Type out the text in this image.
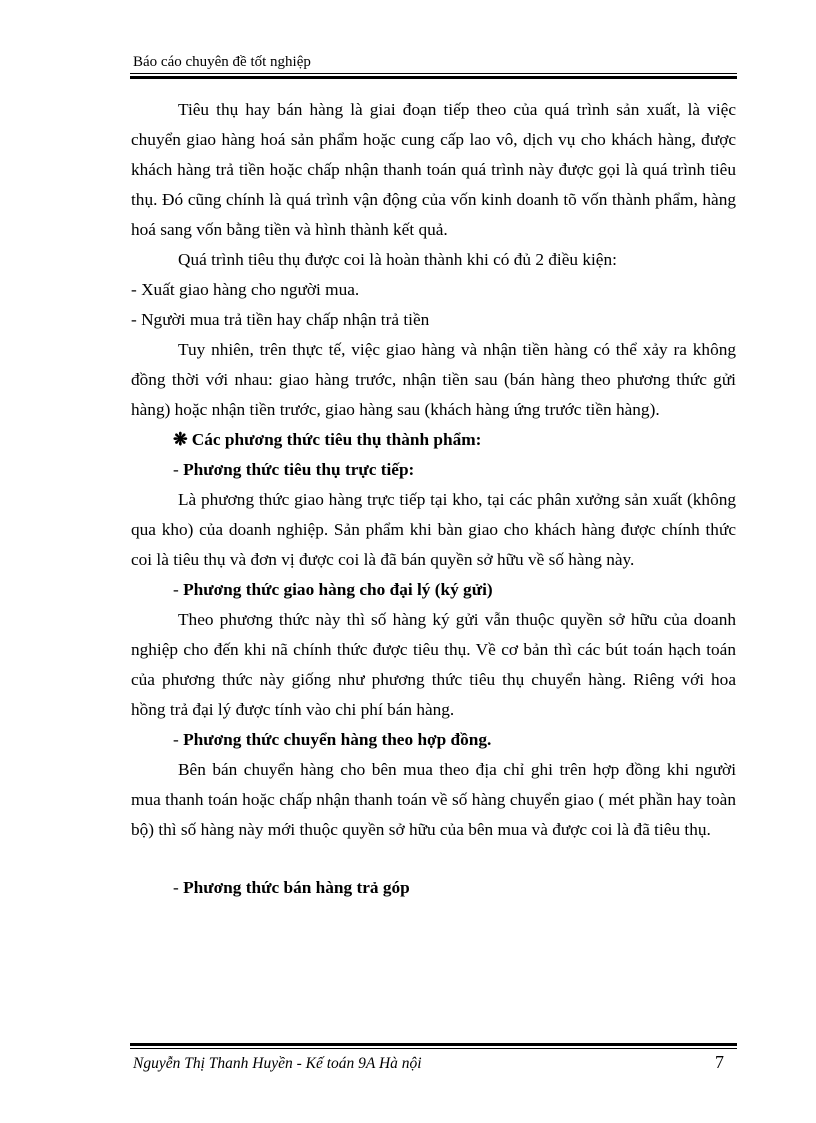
Báo cáo chuyên đề tốt nghiệp

Tiêu thụ hay bán hàng là giai đoạn tiếp theo của quá trình sản xuất, là việc chuyển giao hàng hoá sản phẩm hoặc cung cấp lao vô, dịch vụ cho khách hàng, được khách hàng trả tiền hoặc chấp nhận thanh toán quá trình này được gọi là quá trình tiêu thụ. Đó cũng chính là quá trình vận động của vốn kinh doanh tõ vốn thành phẩm, hàng hoá sang vốn bằng tiền và hình thành kết quả.

Quá trình tiêu thụ được coi là hoàn thành khi có đủ 2 điều kiện:

- Xuất giao hàng cho người mua.

- Người mua trả tiền hay chấp nhận trả tiền

Tuy nhiên, trên thực tế, việc giao hàng và nhận tiền hàng có thể xảy ra không đồng thời với nhau: giao hàng trước, nhận tiền sau (bán hàng theo phương thức gửi hàng) hoặc nhận tiền trước, giao hàng sau (khách hàng ứng trước tiền hàng).

❋ Các phương thức tiêu thụ thành phẩm:

- Phương thức tiêu thụ trực tiếp:

Là phương thức giao hàng trực tiếp tại kho, tại các phân xưởng sản xuất (không qua kho) của doanh nghiệp. Sản phẩm khi bàn giao cho khách hàng được chính thức coi là tiêu thụ và đơn vị được coi là đã bán quyền sở hữu về số hàng này.

- Phương thức giao hàng cho đại lý (ký gửi)

Theo phương thức này thì số hàng ký gửi vẫn thuộc quyền sở hữu của doanh nghiệp cho đến khi nã chính thức được tiêu thụ. Về cơ bản thì các bút toán hạch toán của phương thức này giống như phương thức tiêu thụ chuyển hàng. Riêng với hoa hồng trả đại lý được tính vào chi phí bán hàng.

- Phương thức chuyển hàng theo hợp đồng.

Bên bán chuyển hàng cho bên mua theo địa chỉ ghi trên hợp đồng khi người mua thanh toán hoặc chấp nhận thanh toán về số hàng chuyển giao ( mét phần hay toàn bộ) thì số hàng này mới thuộc quyền sở hữu của bên mua và được coi là đã tiêu thụ.

- Phương thức bán hàng trả góp

Nguyễn Thị Thanh Huyền - Kế toán 9A Hà nội	7
